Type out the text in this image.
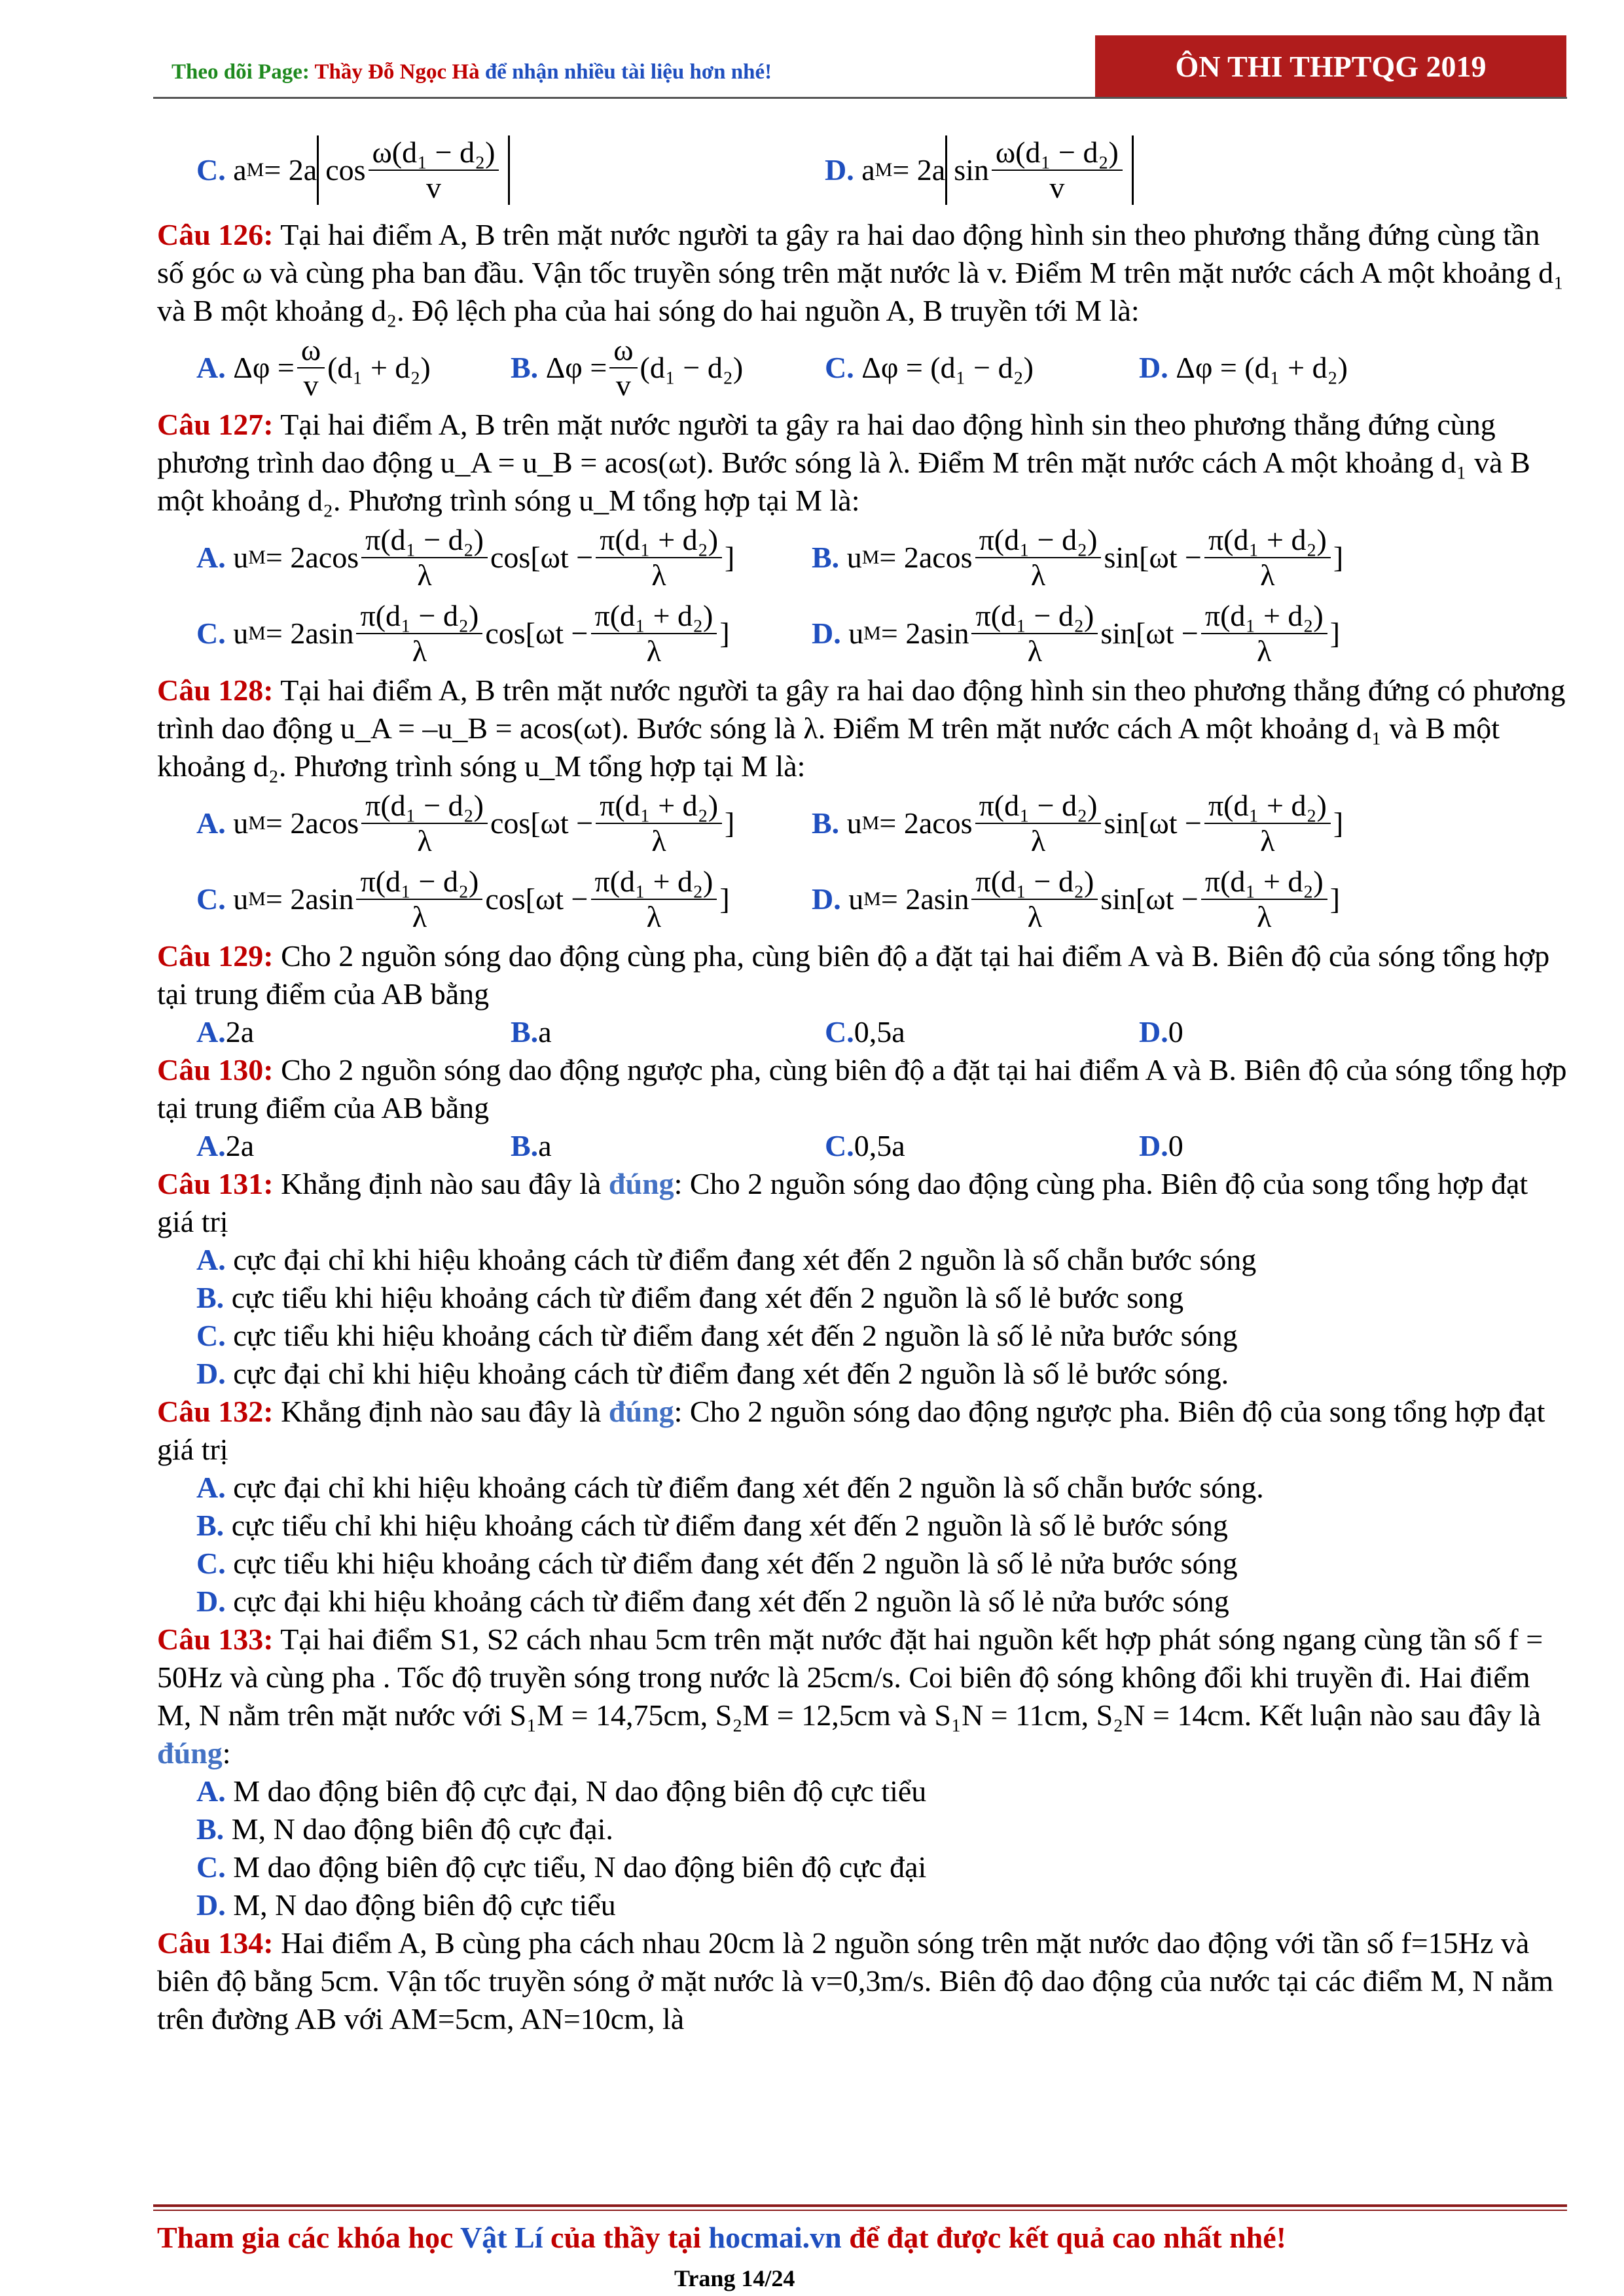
Theo dõi Page: Thầy Đỗ Ngọc Hà để nhận nhiều tài liệu hơn nhé!	ÔN THI THPTQG 2019
C.
a M = 2a $\cos \frac{\text{ω(d₁ − d₂)}}{v}$	D.
a M = 2a $\sin \frac{\text{ω(d₁ − d₂)}}{v}$

Câu 126: Tại hai điểm A, B trên mặt nước người ta gây ra hai dao động hình sin theo phương thẳng đứng cùng tần số góc ω và cùng pha ban đầu. Vận tốc truyền sóng trên mặt nước là v. Điểm M trên mặt nước cách A một khoảng d₁ và B một khoảng d₂. Độ lệch pha của hai sóng do hai nguồn A, B truyền tới M là:

A.
$\Delta\varphi = \frac{\omega}{v} (d_1 + d_2)$	B.
$\Delta\varphi = \frac{\omega}{v} (d_1 - d_2)$	C.
Δφ = (d₁ − d₂)	D.
Δφ = (d₁ + d₂)

Câu 127: Tại hai điểm A, B trên mặt nước người ta gây ra hai dao động hình sin theo phương thẳng đứng cùng phương trình dao động u_A = u_B = acos(ωt). Bước sóng là λ. Điểm M trên mặt nước cách A một khoảng d₁ và B một khoảng d₂. Phương trình sóng u_M tổng hợp tại M là:

A.
u $M = 2acos \frac{\text{π(d₁ − d₂)}}{\lambda} \cos[\omega t - \frac{\text{π(d₁ + d₂)}}{\lambda}$ ]	B.
u $M = 2acos \frac{\text{π(d₁ − d₂)}}{\lambda} \sin[\omega t - \frac{\text{π(d₁ + d₂)}}{\lambda}$ ]
C.
u $M = 2asin \frac{\text{π(d₁ − d₂)}}{\lambda} \cos[\omega t - \frac{\text{π(d₁ + d₂)}}{\lambda}$ ]	D.
u $M = 2asin \frac{\text{π(d₁ − d₂)}}{\lambda} \sin[\omega t - \frac{\text{π(d₁ + d₂)}}{\lambda}$ ]

Câu 128: Tại hai điểm A, B trên mặt nước người ta gây ra hai dao động hình sin theo phương thẳng đứng có phương trình dao động u_A = –u_B = acos(ωt). Bước sóng là λ. Điểm M trên mặt nước cách A một khoảng d₁ và B một khoảng d₂. Phương trình sóng u_M tổng hợp tại M là:

A.
u $M = 2acos \frac{\text{π(d₁ − d₂)}}{\lambda} \cos[\omega t - \frac{\text{π(d₁ + d₂)}}{\lambda}$ ]	B.
u $M = 2acos \frac{\text{π(d₁ − d₂)}}{\lambda} \sin[\omega t - \frac{\text{π(d₁ + d₂)}}{\lambda}$ ]
C.
u $M = 2asin \frac{\text{π(d₁ − d₂)}}{\lambda} \cos[\omega t - \frac{\text{π(d₁ + d₂)}}{\lambda}$ ]	D.
u $M = 2asin \frac{\text{π(d₁ − d₂)}}{\lambda} \sin[\omega t - \frac{\text{π(d₁ + d₂)}}{\lambda}$ ]

Câu 129: Cho 2 nguồn sóng dao động cùng pha, cùng biên độ a đặt tại hai điểm A và B. Biên độ của sóng tổng hợp tại trung điểm của AB bằng

A. 2a	B. a	C. 0,5a	D. 0

Câu 130: Cho 2 nguồn sóng dao động ngược pha, cùng biên độ a đặt tại hai điểm A và B. Biên độ của sóng tổng hợp tại trung điểm của AB bằng

A. 2a	B. a	C. 0,5a	D. 0

Câu 131: Khẳng định nào sau đây là đúng: Cho 2 nguồn sóng dao động cùng pha. Biên độ của song tổng hợp đạt giá trị

A. cực đại chỉ khi hiệu khoảng cách từ điểm đang xét đến 2 nguồn là số chẵn bước sóng
B. cực tiểu khi hiệu khoảng cách từ điểm đang xét đến 2 nguồn là số lẻ bước song
C. cực tiểu khi hiệu khoảng cách từ điểm đang xét đến 2 nguồn là số lẻ nửa bước sóng
D. cực đại chỉ khi hiệu khoảng cách từ điểm đang xét đến 2 nguồn là số lẻ bước sóng.

Câu 132: Khẳng định nào sau đây là đúng: Cho 2 nguồn sóng dao động ngược pha. Biên độ của song tổng hợp đạt giá trị

A. cực đại chỉ khi hiệu khoảng cách từ điểm đang xét đến 2 nguồn là số chẵn bước sóng.
B. cực tiểu chỉ khi hiệu khoảng cách từ điểm đang xét đến 2 nguồn là số lẻ bước sóng
C. cực tiểu khi hiệu khoảng cách từ điểm đang xét đến 2 nguồn là số lẻ nửa bước sóng
D. cực đại khi hiệu khoảng cách từ điểm đang xét đến 2 nguồn là số lẻ nửa bước sóng

Câu 133: Tại hai điểm S1, S2 cách nhau 5cm trên mặt nước đặt hai nguồn kết hợp phát sóng ngang cùng tần số f = 50Hz và cùng pha . Tốc độ truyền sóng trong nước là 25cm/s. Coi biên độ sóng không đổi khi truyền đi. Hai điểm M, N nằm trên mặt nước với S₁M = 14,75cm, S₂M = 12,5cm và S₁N = 11cm, S₂N = 14cm. Kết luận nào sau đây là đúng:

A. M dao động biên độ cực đại, N dao động biên độ cực tiểu
B. M, N dao động biên độ cực đại.
C. M dao động biên độ cực tiểu, N dao động biên độ cực đại
D. M, N dao động biên độ cực tiểu

Câu 134: Hai điểm A, B cùng pha cách nhau 20cm là 2 nguồn sóng trên mặt nước dao động với tần số f=15Hz và biên độ bằng 5cm. Vận tốc truyền sóng ở mặt nước là v=0,3m/s. Biên độ dao động của nước tại các điểm M, N nằm trên đường AB với AM=5cm, AN=10cm, là

Tham gia các khóa học Vật Lí của thầy tại hocmai.vn để đạt được kết quả cao nhất nhé!
Trang 14/24
